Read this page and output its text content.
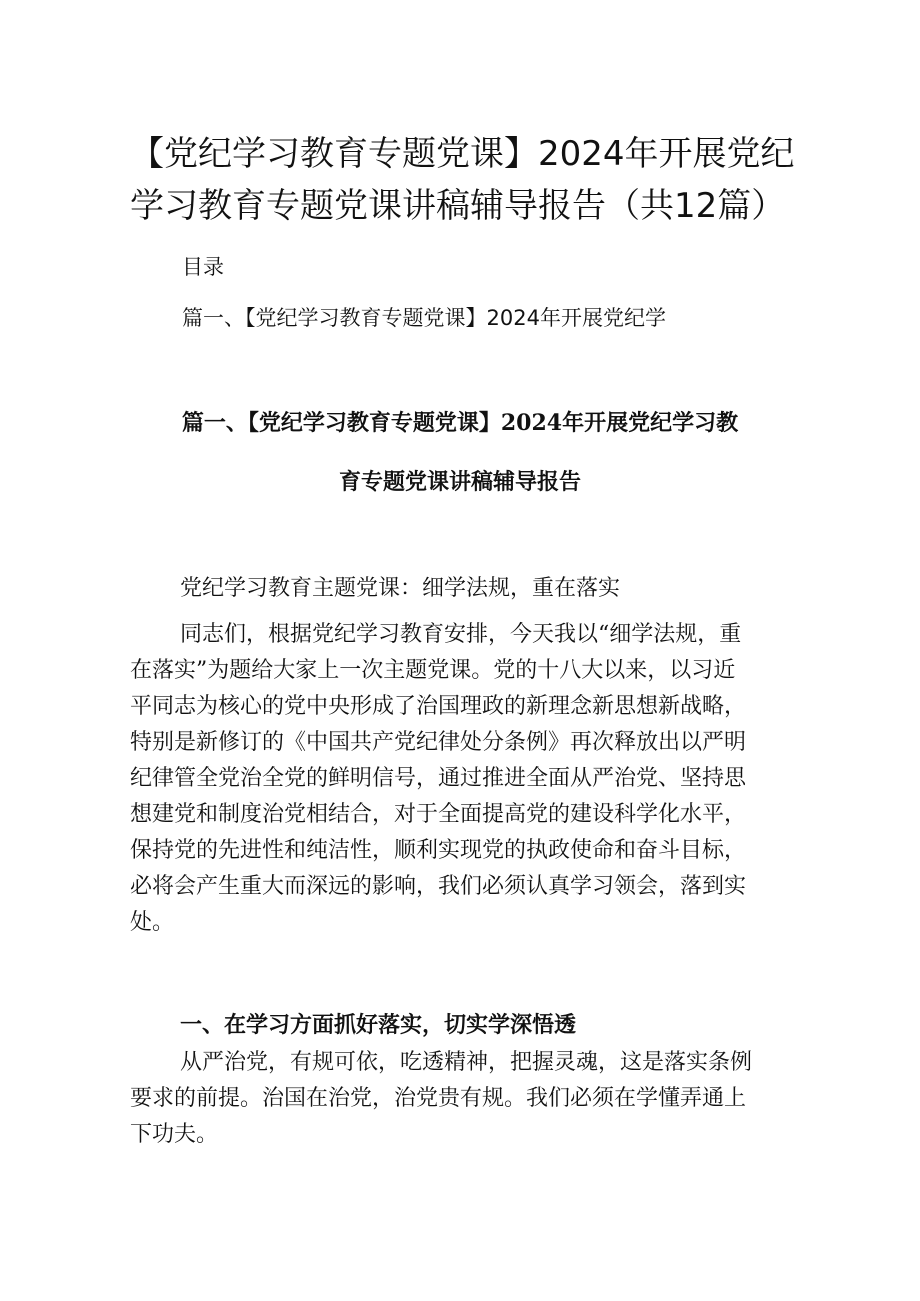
【党纪学习教育专题党课】2024年开展党纪
学习教育专题党课讲稿辅导报告（共12篇）

目录

篇一、【党纪学习教育专题党课】2024年开展党纪学

篇一、【党纪学习教育专题党课】2024年开展党纪学习教

育专题党课讲稿辅导报告

党纪学习教育主题党课：细学法规，重在落实

同志们，根据党纪学习教育安排，今天我以“细学法规，重
在落实”为题给大家上一次主题党课。党的十八大以来，以习近
平同志为核心的党中央形成了治国理政的新理念新思想新战略，
特别是新修订的《中国共产党纪律处分条例》再次释放出以严明
纪律管全党治全党的鲜明信号，通过推进全面从严治党、坚持思
想建党和制度治党相结合，对于全面提高党的建设科学化水平，
保持党的先进性和纯洁性，顺利实现党的执政使命和奋斗目标，
必将会产生重大而深远的影响，我们必须认真学习领会，落到实
处。

一、在学习方面抓好落实，切实学深悟透

从严治党，有规可依，吃透精神，把握灵魂，这是落实条例
要求的前提。治国在治党，治党贵有规。我们必须在学懂弄通上
下功夫。
